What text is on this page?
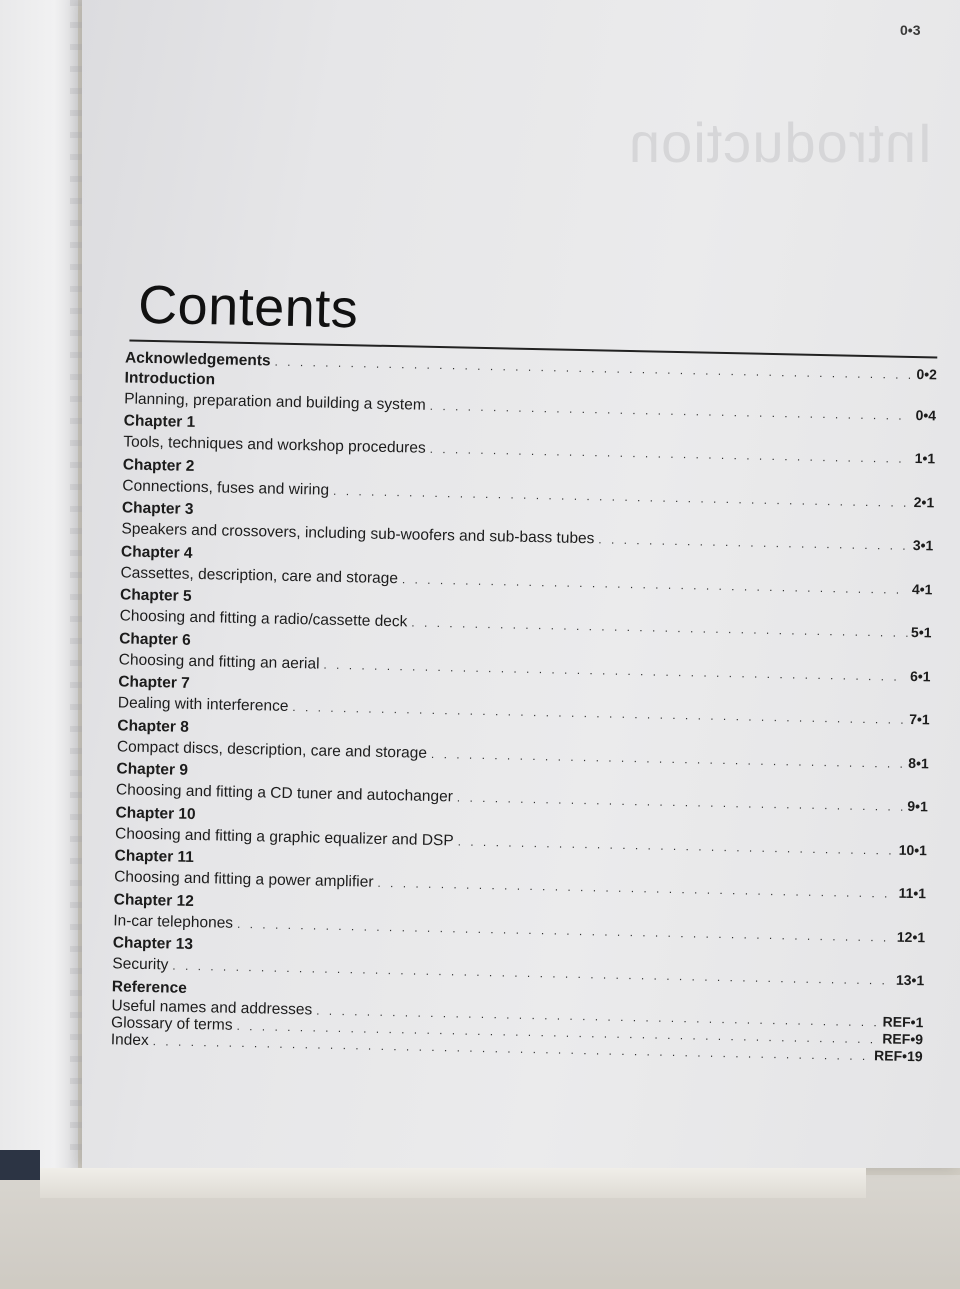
Introduction
0•3
Contents
Acknowledgements
. . .
0•2
Introduction
Planning, preparation and building a system
. . .
0•4
Chapter 1
Tools, techniques and workshop procedures
. . .
1•1
Chapter 2
Connections, fuses and wiring
. . .
2•1
Chapter 3
Speakers and crossovers, including sub-woofers and sub-bass tubes
. . .	3•1
Chapter 4
Cassettes, description, care and storage
. . .
4•1
Chapter 5
Choosing and fitting a radio/cassette deck
. . .
5•1
Chapter 6
Choosing and fitting an aerial
. . .
6•1
Chapter 7
Dealing with interference
. . .
7•1
Chapter 8
Compact discs, description, care and storage
. . .
8•1
Chapter 9
Choosing and fitting a CD tuner and autochanger
. . .
9•1
Chapter 10
Choosing and fitting a graphic equalizer and DSP
. . .
10•1
Chapter 11
Choosing and fitting a power amplifier
. . .
11•1
Chapter 12
In-car telephones
. . .
12•1
Chapter 13
Security
. . .
13•1
Reference
Useful names and addresses
. . .
REF•1
Glossary of terms
. . .
REF•9
Index
. . .
REF•19
